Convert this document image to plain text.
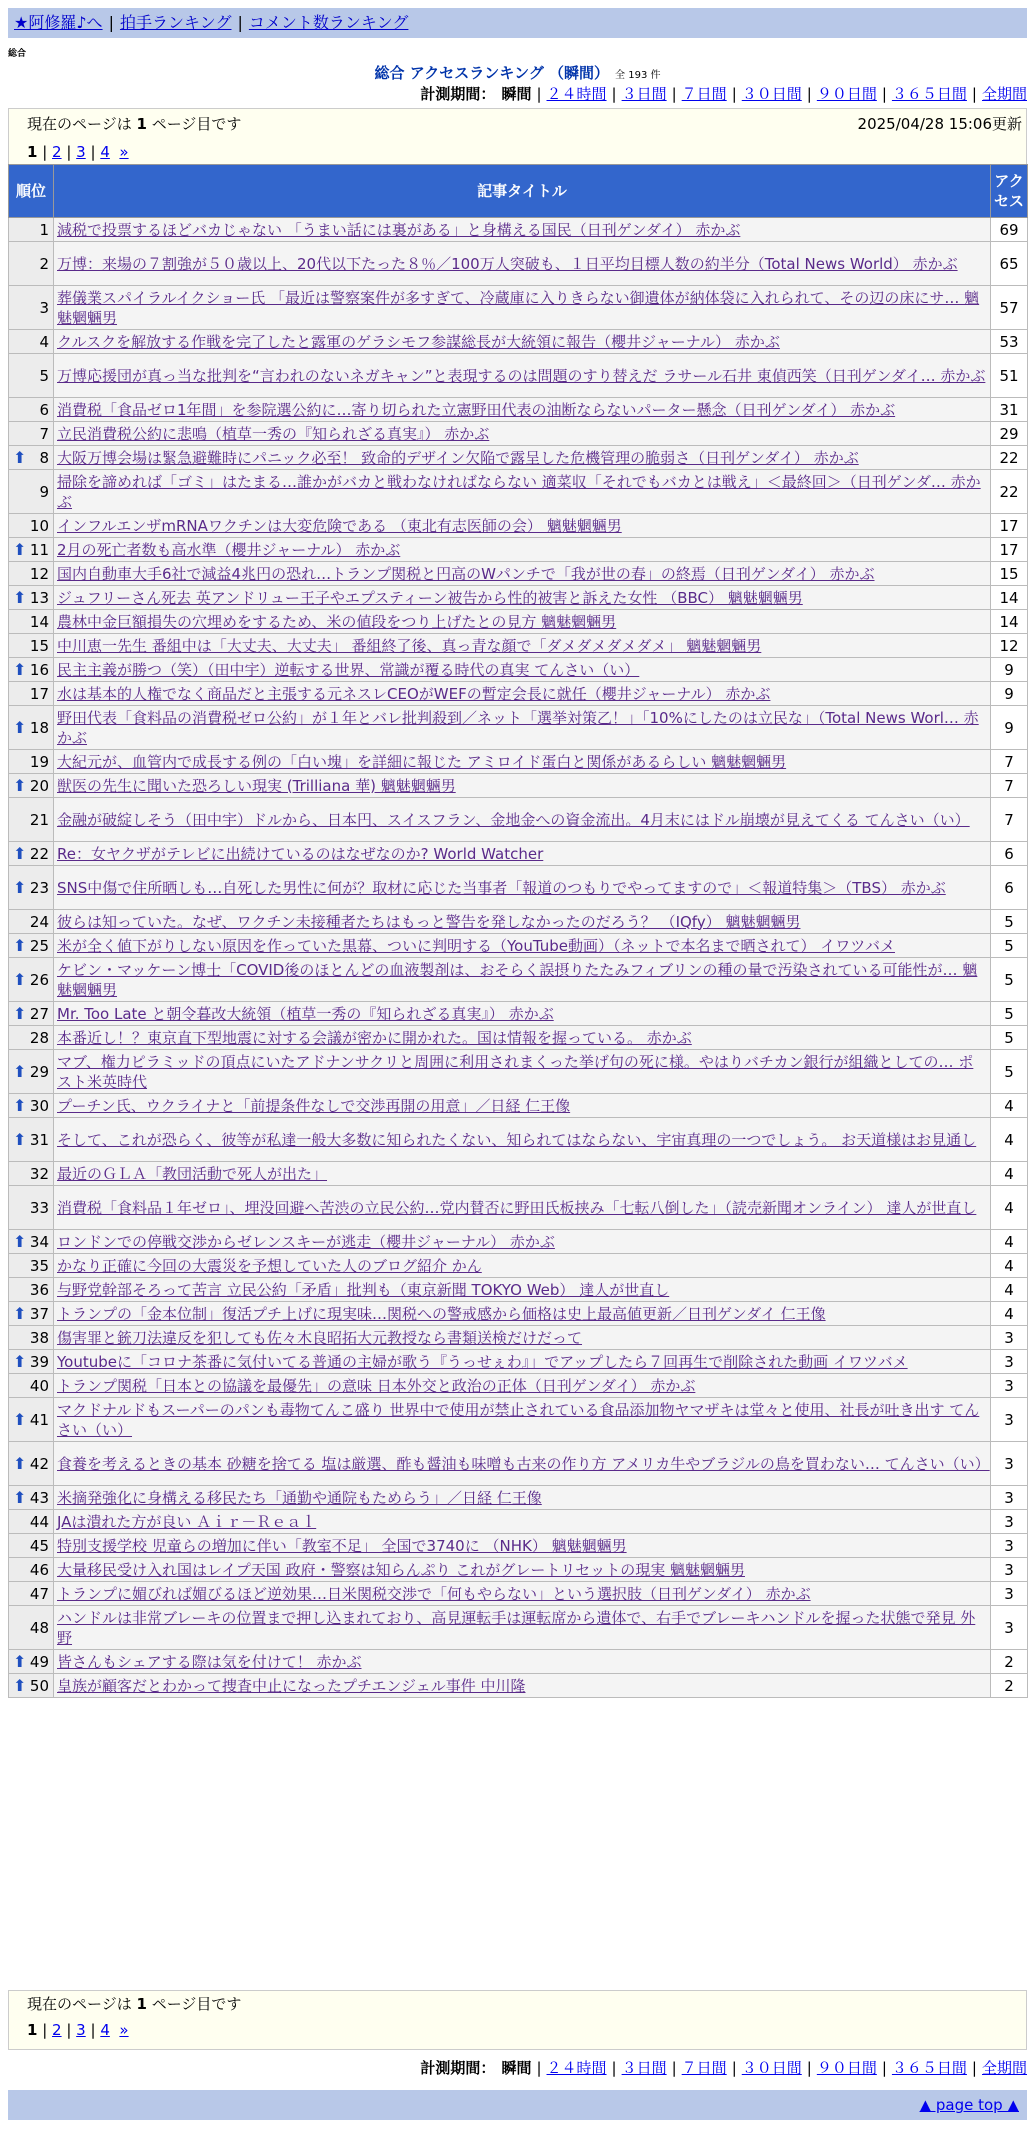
★阿修羅♪へ | 拍手ランキング | コメント数ランキング
総合
総合 アクセスランキング （瞬間） 全 193 件
計測期間： 瞬間 | ２４時間 | ３日間 | ７日間 | ３０日間 | ９０日間 | ３６５日間 | 全期間
現在のページは 1 ページ目です	2025/04/28 15:06更新
1 | 2 | 3 | 4 »
順位	記事タイトル	アクセス
1	減税で投票するほどバカじゃない 「うまい話には裏がある」と身構える国民（日刊ゲンダイ） 赤かぶ	69
2	万博：来場の７割強が５０歳以上、20代以下たった８％／100万人突破も、１日平均目標人数の約半分（Total News World） 赤かぶ	65
3	葬儀業スパイラルイクショー氏 「最近は警察案件が多すぎて、冷蔵庫に入りきらない御遺体が納体袋に入れられて、その辺の床にサ… 魑魅魍魎男	57
4	クルスクを解放する作戦を完了したと露軍のゲラシモフ参謀総長が大統領に報告（櫻井ジャーナル） 赤かぶ	53
5	万博応援団が真っ当な批判を“言われのないネガキャン”と表現するのは問題のすり替えだ ラサール石井 東偵西笑（日刊ゲンダイ… 赤かぶ	51
6	消費税「食品ゼロ1年間」を参院選公約に…寄り切られた立憲野田代表の油断ならないパーター懸念（日刊ゲンダイ） 赤かぶ	31
7	立民消費税公約に悲鳴（植草一秀の『知られざる真実』） 赤かぶ	29

⬆ 8	大阪万博会場は緊急避難時にパニック必至！ 致命的デザイン欠陥で露呈した危機管理の脆弱さ（日刊ゲンダイ） 赤かぶ	22
9	掃除を諦めれば「ゴミ」はたまる…誰かがバカと戦わなければならない 適菜収「それでもバカとは戦え」＜最終回＞（日刊ゲンダ… 赤かぶ	22
10	インフルエンザmRNAワクチンは大変危険である （東北有志医師の会） 魑魅魍魎男	17

⬆ 11	2月の死亡者数も高水準（櫻井ジャーナル） 赤かぶ	17
12	国内自動車大手6社で減益4兆円の恐れ…トランプ関税と円高のWパンチで「我が世の春」の終焉（日刊ゲンダイ） 赤かぶ	15

⬆ 13	ジュフリーさん死去 英アンドリュー王子やエプスティーン被告から性的被害と訴えた女性 （BBC） 魑魅魍魎男	14
14	農林中金巨額損失の穴埋めをするため、米の値段をつり上げたとの見方 魑魅魍魎男	14
15	中川恵一先生 番組中は「大丈夫、大丈夫」 番組終了後、真っ青な顔で「ダメダメダメダメ」 魑魅魍魎男	12

⬆ 16	民主主義が勝つ（笑）（田中宇）逆転する世界、常識が覆る時代の真実 てんさい（い）	9
17	水は基本的人権でなく商品だと主張する元ネスレCEOがWEFの暫定会長に就任（櫻井ジャーナル） 赤かぶ	9

⬆ 18	野田代表「食料品の消費税ゼロ公約」が１年とバレ批判殺到／ネット「選挙対策乙！」「10%にしたのは立民な」（Total News Worl… 赤かぶ	9
19	大紀元が、血管内で成長する例の「白い塊」を詳細に報じた アミロイド蛋白と関係があるらしい 魑魅魍魎男	7

⬆ 20	獣医の先生に聞いた恐ろしい現実 (Trilliana 華) 魑魅魍魎男	7
21	金融が破綻しそう（田中宇）ドルから、日本円、スイスフラン、金地金への資金流出。4月末にはドル崩壊が見えてくる てんさい（い）	7

⬆ 22	Re：女ヤクザがテレビに出続けているのはなぜなのか? World Watcher	6

⬆ 23	SNS中傷で住所晒しも…自死した男性に何が？取材に応じた当事者「報道のつもりでやってますので」＜報道特集＞（TBS） 赤かぶ	6
24	彼らは知っていた。なぜ、ワクチン未接種者たちはもっと警告を発しなかったのだろう？ （IQfy） 魑魅魍魎男	5

⬆ 25	米が全く値下がりしない原因を作っていた黒幕、ついに判明する（YouTube動画）（ネットで本名まで晒されて） イワツバメ	5

⬆ 26	ケビン・マッケーン博士「COVID後のほとんどの血液製剤は、おそらく誤摂りたたみフィブリンの種の量で汚染されている可能性が… 魑魅魍魎男	5

⬆ 27	Mr. Too Late と朝令暮改大統領（植草一秀の『知られざる真実』） 赤かぶ	5
28	本番近し！？東京直下型地震に対する会議が密かに開かれた。国は情報を握っている。 赤かぶ	5

⬆ 29	マブ、権力ピラミッドの頂点にいたアドナンサクリと周囲に利用されまくった挙げ句の死に様。やはりバチカン銀行が組織としての… ポスト米英時代	5

⬆ 30	プーチン氏、ウクライナと「前提条件なしで交渉再開の用意」／日経 仁王像	4

⬆ 31	そして、これが恐らく、彼等が私達一般大多数に知られたくない、知られてはならない、宇宙真理の一つでしょう。 お天道様はお見通し	4
32	最近のＧＬＡ「教団活動で死人が出た」	4
33	消費税「食料品１年ゼロ」、埋没回避へ苦渋の立民公約…党内賛否に野田氏板挟み「七転八倒した」（読売新聞オンライン） 達人が世直し	4

⬆ 34	ロンドンでの停戦交渉からゼレンスキーが逃走（櫻井ジャーナル） 赤かぶ	4
35	かなり正確に今回の大震災を予想していた人のブログ紹介 かん	4
36	与野党幹部そろって苦言 立民公約「矛盾」批判も（東京新聞 TOKYO Web） 達人が世直し	4

⬆ 37	トランプの「金本位制」復活プチ上げに現実味…関税への警戒感から価格は史上最高値更新／日刊ゲンダイ 仁王像	4
38	傷害罪と銃刀法違反を犯しても佐々木良昭拓大元教授なら書類送検だけだって	3

⬆ 39	Youtubeに「コロナ茶番に気付いてる普通の主婦が歌う『うっせぇわ』」でアップしたら７回再生で削除された動画 イワツバメ	3
40	トランプ関税「日本との協議を最優先」の意味 日本外交と政治の正体（日刊ゲンダイ） 赤かぶ	3

⬆ 41	マクドナルドもスーパーのパンも毒物てんこ盛り 世界中で使用が禁止されている食品添加物ヤマザキは堂々と使用、社長が吐き出す てんさい（い）	3

⬆ 42	食養を考えるときの基本 砂糖を捨てる 塩は厳選、酢も醤油も味噌も古来の作り方 アメリカ牛やブラジルの鳥を買わない… てんさい（い）	3

⬆ 43	米摘発強化に身構える移民たち「通勤や通院もためらう」／日経 仁王像	3
44	JAは潰れた方が良い Ａｉｒ－Ｒｅａｌ	3
45	特別支援学校 児童らの増加に伴い「教室不足」 全国で3740に （NHK） 魑魅魍魎男	3
46	大量移民受け入れ国はレイプ天国 政府・警察は知らんぷり これがグレートリセットの現実 魑魅魍魎男	3
47	トランプに媚びれば媚びるほど逆効果…日米関税交渉で「何もやらない」という選択肢（日刊ゲンダイ） 赤かぶ	3
48	ハンドルは非常ブレーキの位置まで押し込まれており、高見運転手は運転席から遺体で、右手でブレーキハンドルを握った状態で発見 外野	3

⬆ 49	皆さんもシェアする際は気を付けて！ 赤かぶ	2

⬆ 50	皇族が顧客だとわかって捜査中止になったプチエンジェル事件 中川隆	2
計測期間： 瞬間 | ２４時間 | ３日間 | ７日間 | ３０日間 | ９０日間 | ３６５日間 | 全期間
現在のページは 1 ページ目です
1 | 2 | 3 | 4 »
▲ page top ▲
